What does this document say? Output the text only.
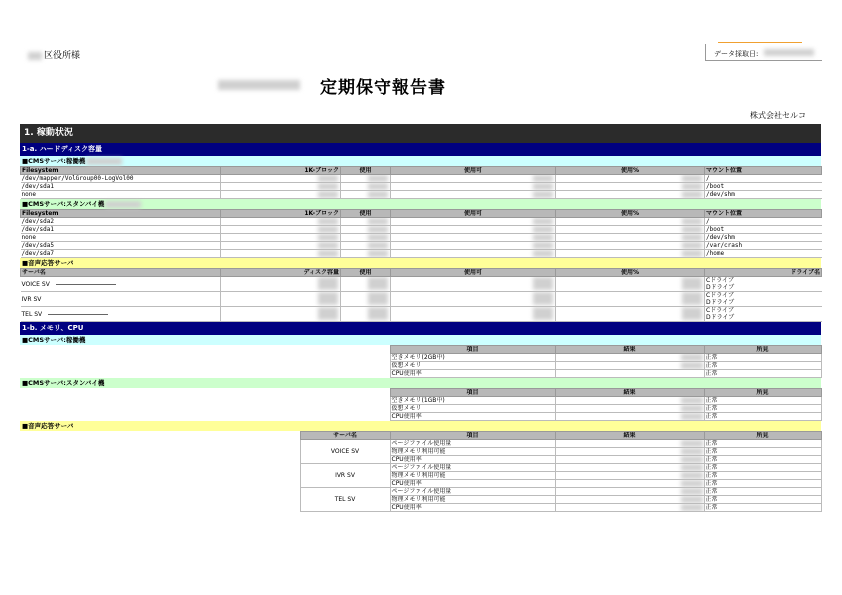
区役所様	データ採取日:
定期保守報告書
株式会社セルコ
1. 稼動状況
1-a. ハードディスク容量
■CMSサーバ:稼働機
Filesystem	1K-ブロック	使用	使用可	使用%	マウント位置
/dev/mapper/VolGroup00-LogVol00					/
/dev/sda1					/boot
none					/dev/shm
■CMSサーバ:スタンバイ機
Filesystem	1K-ブロック	使用	使用可	使用%	マウント位置
/dev/sda2					/
/dev/sda1					/boot
none					/dev/shm
/dev/sda5					/var/crash
/dev/sda7					/home
■音声応答サーバ
サーバ名	ディスク容量	使用	使用可	使用%	ドライブ名
VOICE SV					Cドライブ
Dドライブ
IVR SV					Cドライブ
Dドライブ
TEL SV					Cドライブ
Dドライブ
1-b. メモリ、CPU
■CMSサーバ:稼働機
	項目	結果	所見
	空きメモリ(2GB中)		正常
	仮想メモリ		正常
	CPU使用率		正常
■CMSサーバ:スタンバイ機
	項目	結果	所見
	空きメモリ(1GB中)		正常
	仮想メモリ		正常
	CPU使用率		正常
■音声応答サーバ
	サーバ名	項目	結果	所見
	VOICE SV	ページファイル使用量		正常
		物理メモリ利用可能		正常
		CPU使用率		正常
	IVR SV	ページファイル使用量		正常
		物理メモリ利用可能		正常
		CPU使用率		正常
	TEL SV	ページファイル使用量		正常
		物理メモリ利用可能		正常
		CPU使用率		正常
